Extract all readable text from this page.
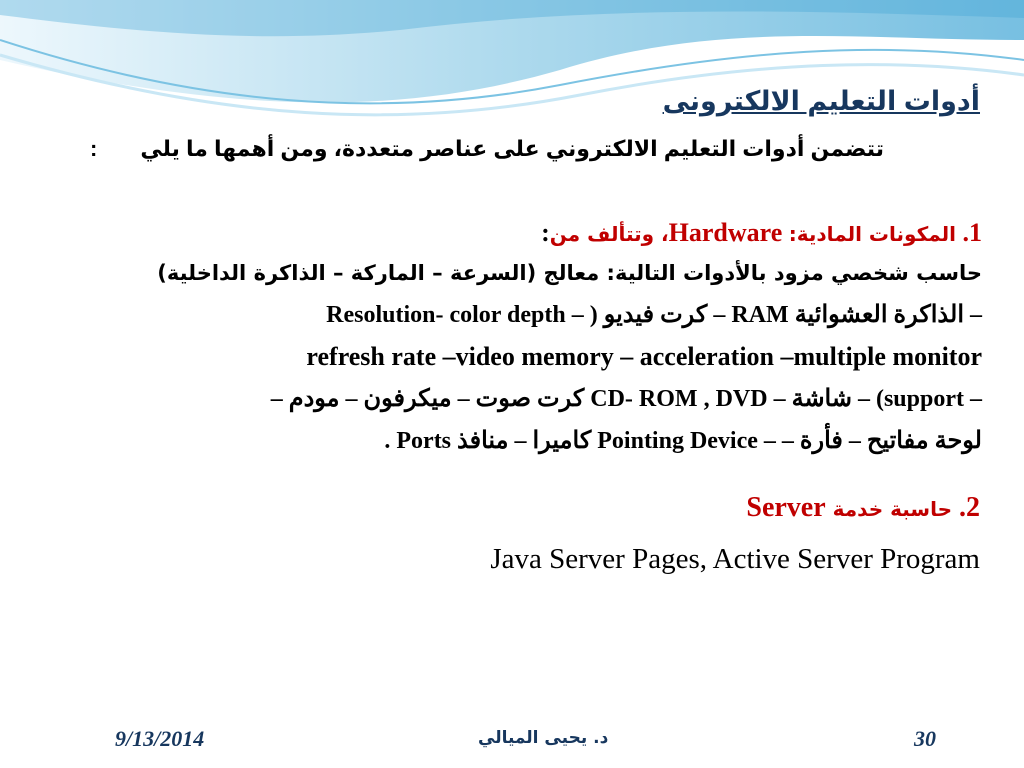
أدوات التعليم الالكترونى
تتضمن أدوات التعليم الالكتروني على عناصر متعددة، ومن أهمها ما يلي
:
1. المكونات المادية: Hardware، وتتألف من:
حاسب شخصي مزود بالأدوات التالية: معالج (السرعة – الماركة – الذاكرة الداخلية)
– الذاكرة العشوائية RAM – كرت فيديو ( – Resolution- color depth
refresh rate –video memory – acceleration –multiple monitor
– support) – شاشة – CD- ROM , DVD كرت صوت – ميكرفون – مودم –
لوحة مفاتيح – فأرة – – Pointing Device كاميرا – منافذ Ports .
2. حاسبة خدمة Server
Java Server Pages, Active Server Program
9/13/2014	د. يحيى الميالي	30
